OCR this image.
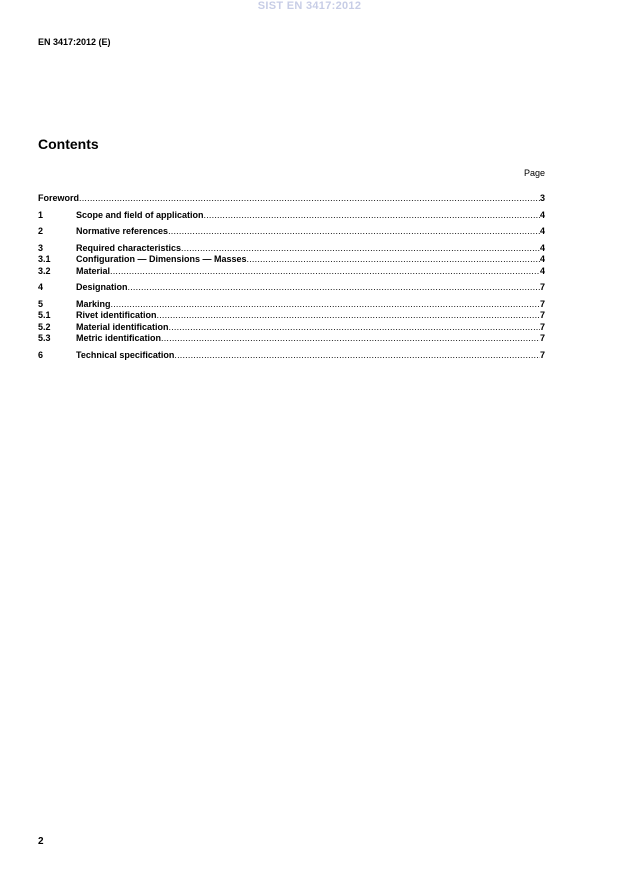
SIST EN 3417:2012
EN 3417:2012 (E)
Contents
Page
Foreword .....	3
1	Scope and field of application .....	4
2	Normative references .....	4
3	Required characteristics .....	4
3.1	Configuration — Dimensions — Masses .....	4
3.2	Material .....	4
4	Designation .....	7
5	Marking .....	7
5.1	Rivet identification .....	7
5.2	Material identification .....	7
5.3	Metric identification .....	7
6	Technical specification .....	7
2
